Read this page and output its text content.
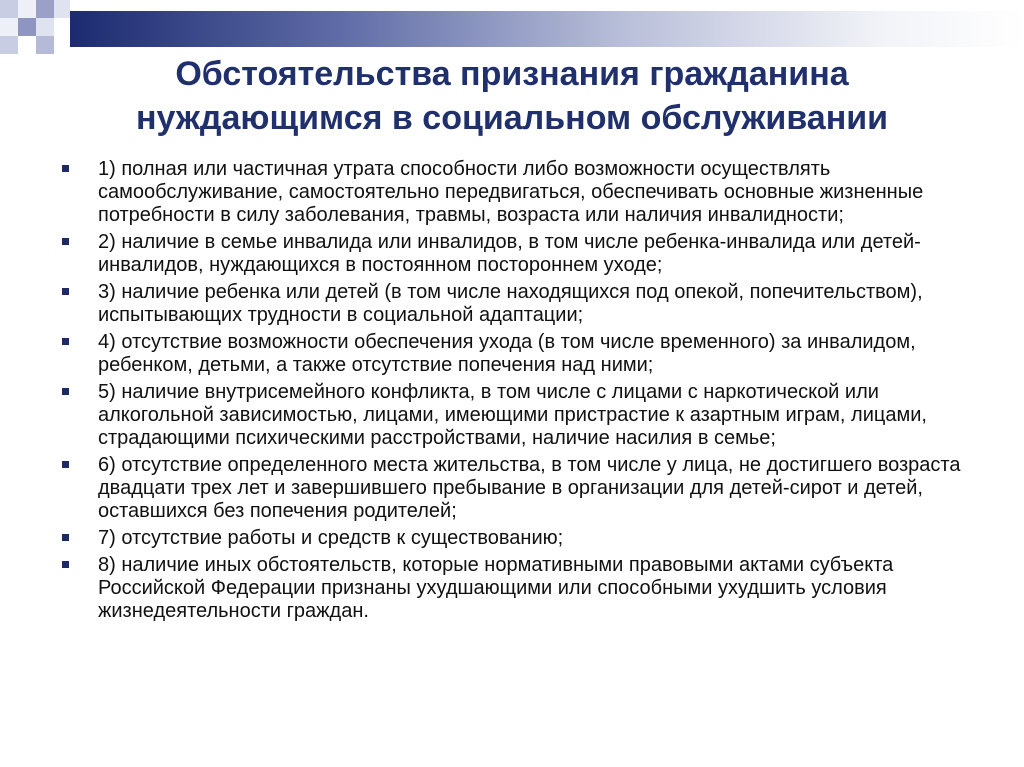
Обстоятельства признания гражданина
нуждающимся в социальном обслуживании
1) полная или частичная утрата способности либо возможности осуществлять самообслуживание, самостоятельно передвигаться, обеспечивать основные жизненные потребности в силу заболевания, травмы, возраста или наличия инвалидности;
2) наличие в семье инвалида или инвалидов, в том числе ребенка-инвалида или детей-инвалидов, нуждающихся в постоянном постороннем уходе;
3) наличие ребенка или детей (в том числе находящихся под опекой, попечительством), испытывающих трудности в социальной адаптации;
4) отсутствие возможности обеспечения ухода (в том числе временного) за инвалидом, ребенком, детьми, а также отсутствие попечения над ними;
5) наличие внутрисемейного конфликта, в том числе с лицами с наркотической или алкогольной зависимостью, лицами, имеющими пристрастие к азартным играм, лицами, страдающими психическими расстройствами, наличие насилия в семье;
6) отсутствие определенного места жительства, в том числе у лица, не достигшего возраста двадцати трех лет и завершившего пребывание в организации для детей-сирот и детей, оставшихся без попечения родителей;
7) отсутствие работы и средств к существованию;
8) наличие иных обстоятельств, которые нормативными правовыми актами субъекта Российской Федерации признаны ухудшающими или способными ухудшить условия жизнедеятельности граждан.
